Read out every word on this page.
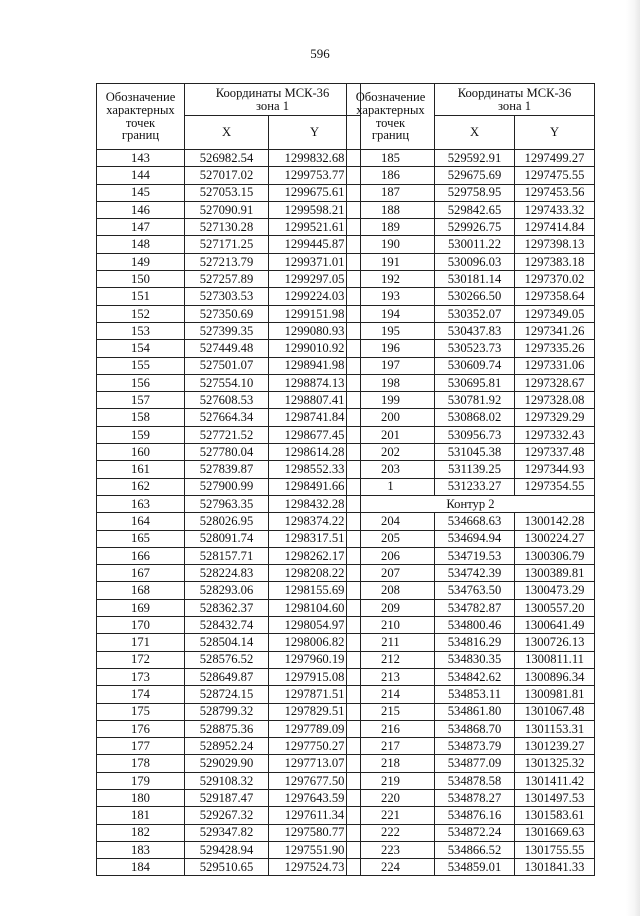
596
Обозначение
характерных
точек
границ	Координаты МСК-36
зона 1	

	X	Y
143	526982.54	1299832.68
144	527017.02	1299753.77
145	527053.15	1299675.61
146	527090.91	1299598.21
147	527130.28	1299521.61
148	527171.25	1299445.87
149	527213.79	1299371.01
150	527257.89	1299297.05
151	527303.53	1299224.03
152	527350.69	1299151.98
153	527399.35	1299080.93
154	527449.48	1299010.92
155	527501.07	1298941.98
156	527554.10	1298874.13
157	527608.53	1298807.41
158	527664.34	1298741.84
159	527721.52	1298677.45
160	527780.04	1298614.28
161	527839.87	1298552.33
162	527900.99	1298491.66
163	527963.35	1298432.28
164	528026.95	1298374.22
165	528091.74	1298317.51
166	528157.71	1298262.17
167	528224.83	1298208.22
168	528293.06	1298155.69
169	528362.37	1298104.60
170	528432.74	1298054.97
171	528504.14	1298006.82
172	528576.52	1297960.19
173	528649.87	1297915.08
174	528724.15	1297871.51
175	528799.32	1297829.51
176	528875.36	1297789.09
177	528952.24	1297750.27
178	529029.90	1297713.07
179	529108.32	1297677.50
180	529187.47	1297643.59
181	529267.32	1297611.34
182	529347.82	1297580.77
183	529428.94	1297551.90
184	529510.65	1297524.73
Обозначение
характерных
точек
границ	Координаты МСК-36
зона 1	

	X	Y
185	529592.91	1297499.27
186	529675.69	1297475.55
187	529758.95	1297453.56
188	529842.65	1297433.32
189	529926.75	1297414.84
190	530011.22	1297398.13
191	530096.03	1297383.18
192	530181.14	1297370.02
193	530266.50	1297358.64
194	530352.07	1297349.05
195	530437.83	1297341.26
196	530523.73	1297335.26
197	530609.74	1297331.06
198	530695.81	1297328.67
199	530781.92	1297328.08
200	530868.02	1297329.29
201	530956.73	1297332.43
202	531045.38	1297337.48
203	531139.25	1297344.93
1	531233.27	1297354.55
Контур 2		
204	534668.63	1300142.28
205	534694.94	1300224.27
206	534719.53	1300306.79
207	534742.39	1300389.81
208	534763.50	1300473.29
209	534782.87	1300557.20
210	534800.46	1300641.49
211	534816.29	1300726.13
212	534830.35	1300811.11
213	534842.62	1300896.34
214	534853.11	1300981.81
215	534861.80	1301067.48
216	534868.70	1301153.31
217	534873.79	1301239.27
218	534877.09	1301325.32
219	534878.58	1301411.42
220	534878.27	1301497.53
221	534876.16	1301583.61
222	534872.24	1301669.63
223	534866.52	1301755.55
224	534859.01	1301841.33
